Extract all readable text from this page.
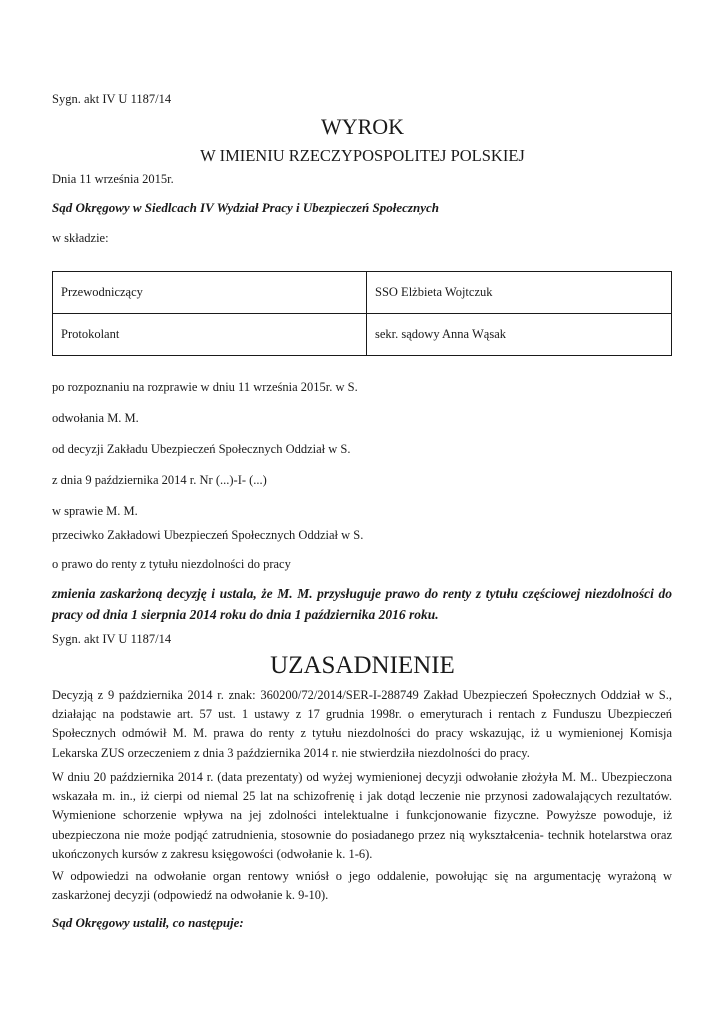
Sygn. akt IV U 1187/14

WYROK

W IMIENIU RZECZYPOSPOLITEJ POLSKIEJ

Dnia 11 września 2015r.

Sąd Okręgowy w Siedlcach IV Wydział Pracy i Ubezpieczeń Społecznych

w składzie:

Przewodniczący	SSO Elżbieta Wojtczuk
Protokolant	sekr. sądowy Anna Wąsak

po rozpoznaniu na rozprawie w dniu 11 września 2015r. w S.

odwołania M. M.

od decyzji Zakładu Ubezpieczeń Społecznych Oddział w S.

z dnia 9 października 2014 r. Nr (...)-I- (...)

w sprawie M. M.

przeciwko Zakładowi Ubezpieczeń Społecznych Oddział w S.

o prawo do renty z tytułu niezdolności do pracy

zmienia zaskarżoną decyzję i ustala, że M. M. przysługuje prawo do renty z tytułu częściowej niezdolności do pracy od dnia 1 sierpnia 2014 roku do dnia 1 października 2016 roku.

Sygn. akt IV U 1187/14

UZASADNIENIE

Decyzją z 9 października 2014 r. znak: 360200/72/2014/SER-I-288749 Zakład Ubezpieczeń Społecznych Oddział w S., działając na podstawie art. 57 ust. 1 ustawy z 17 grudnia 1998r. o emeryturach i rentach z Funduszu Ubezpieczeń Społecznych odmówił M. M. prawa do renty z tytułu niezdolności do pracy wskazując, iż u wymienionej Komisja Lekarska ZUS orzeczeniem z dnia 3 października 2014 r. nie stwierdziła niezdolności do pracy.

W dniu 20 października 2014 r. (data prezentaty) od wyżej wymienionej decyzji odwołanie złożyła M. M.. Ubezpieczona wskazała m. in., iż cierpi od niemal 25 lat na schizofrenię i jak dotąd leczenie nie przynosi zadowalających rezultatów. Wymienione schorzenie wpływa na jej zdolności intelektualne i funkcjonowanie fizyczne. Powyższe powoduje, iż ubezpieczona nie może podjąć zatrudnienia, stosownie do posiadanego przez nią wykształcenia- technik hotelarstwa oraz ukończonych kursów z zakresu księgowości (odwołanie k. 1-6).

W odpowiedzi na odwołanie organ rentowy wniósł o jego oddalenie, powołując się na argumentację wyrażoną w zaskarżonej decyzji (odpowiedź na odwołanie k. 9-10).

Sąd Okręgowy ustalił, co następuje:
